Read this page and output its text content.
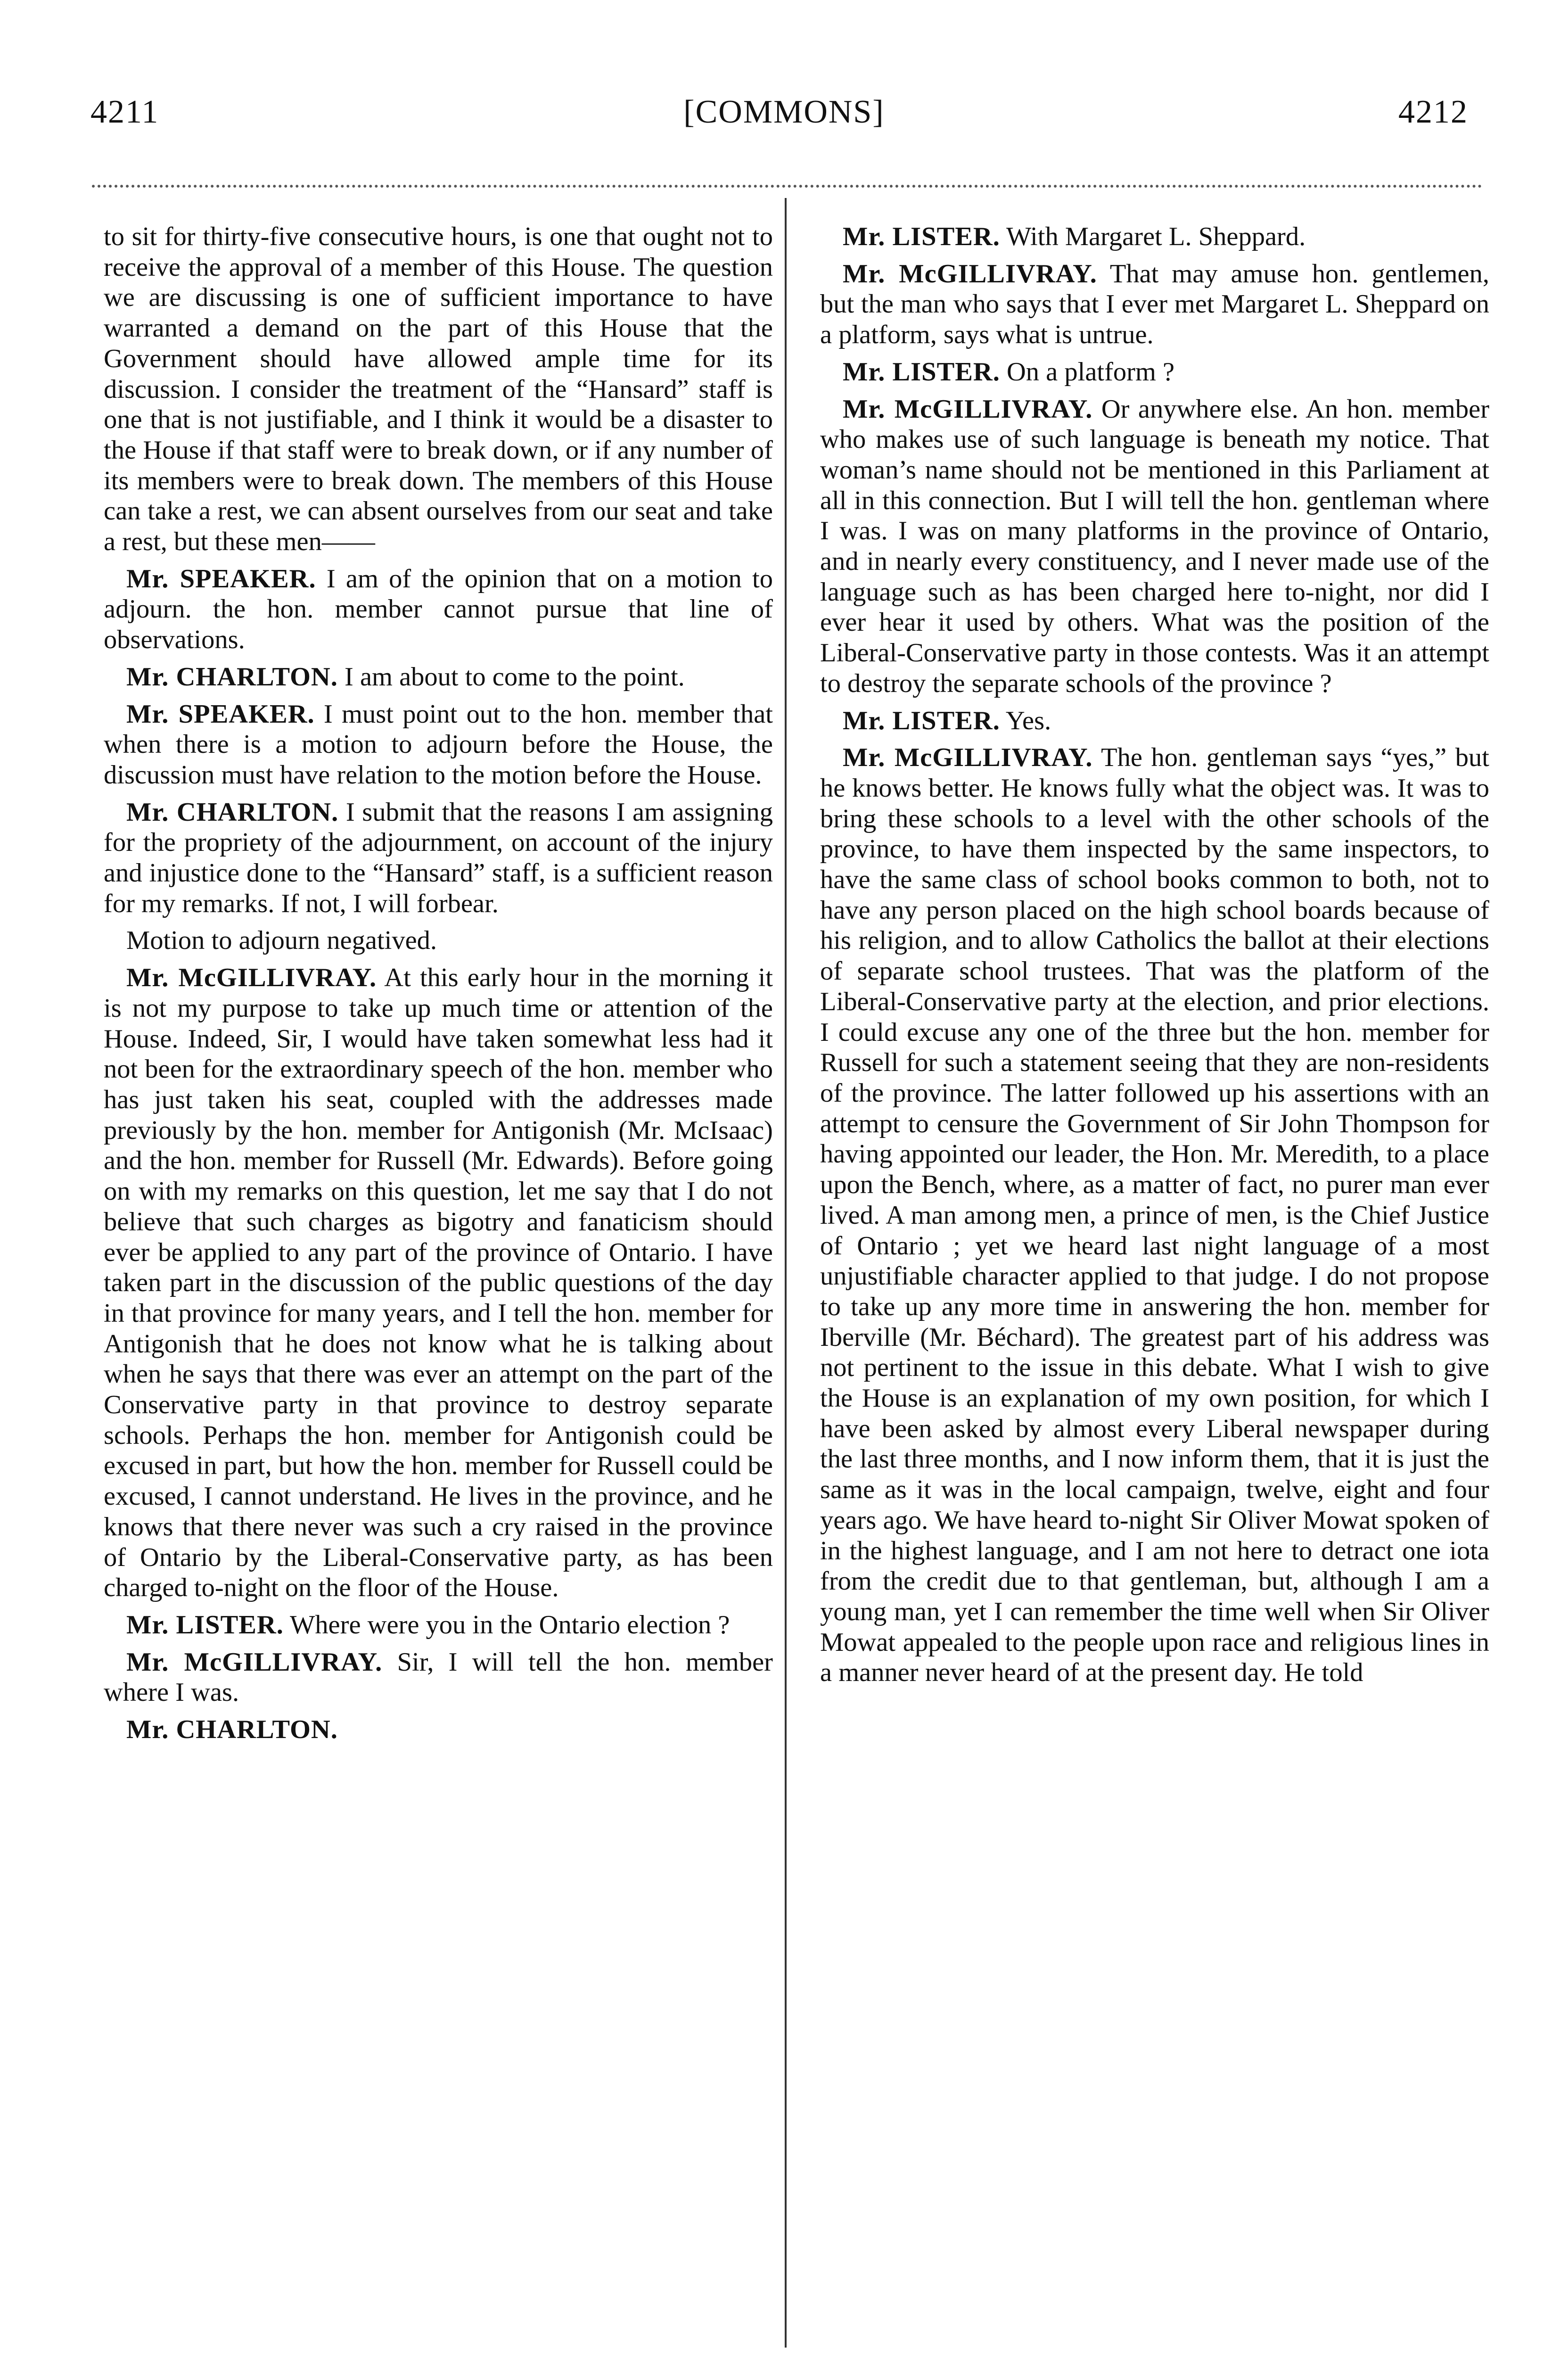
4211	[COMMONS]	4212

to sit for thirty-five consecutive hours, is one that ought not to receive the approval of a member of this House. The question we are discussing is one of sufficient importance to have warranted a demand on the part of this House that the Government should have allowed ample time for its discussion. I consider the treatment of the “Hansard” staff is one that is not justifiable, and I think it would be a disaster to the House if that staff were to break down, or if any number of its members were to break down. The members of this House can take a rest, we can absent ourselves from our seat and take a rest, but these men——

Mr. SPEAKER. I am of the opinion that on a motion to adjourn. the hon. member cannot pursue that line of observations.

Mr. CHARLTON. I am about to come to the point.

Mr. SPEAKER. I must point out to the hon. member that when there is a motion to adjourn before the House, the discussion must have relation to the motion before the House.

Mr. CHARLTON. I submit that the reasons I am assigning for the propriety of the adjournment, on account of the injury and injustice done to the “Hansard” staff, is a sufficient reason for my remarks. If not, I will forbear.

Motion to adjourn negatived.

Mr. McGILLIVRAY. At this early hour in the morning it is not my purpose to take up much time or attention of the House. Indeed, Sir, I would have taken somewhat less had it not been for the extraordinary speech of the hon. member who has just taken his seat, coupled with the addresses made previously by the hon. member for Antigonish (Mr. McIsaac) and the hon. member for Russell (Mr. Edwards). Before going on with my remarks on this question, let me say that I do not believe that such charges as bigotry and fanaticism should ever be applied to any part of the province of Ontario. I have taken part in the discussion of the public questions of the day in that province for many years, and I tell the hon. member for Antigonish that he does not know what he is talking about when he says that there was ever an attempt on the part of the Conservative party in that province to destroy separate schools. Perhaps the hon. member for Antigonish could be excused in part, but how the hon. member for Russell could be excused, I cannot understand. He lives in the province, and he knows that there never was such a cry raised in the province of Ontario by the Liberal-Conservative party, as has been charged to-night on the floor of the House.

Mr. LISTER. Where were you in the Ontario election ?

Mr. McGILLIVRAY. Sir, I will tell the hon. member where I was.

Mr. CHARLTON.

Mr. LISTER. With Margaret L. Sheppard.

Mr. McGILLIVRAY. That may amuse hon. gentlemen, but the man who says that I ever met Margaret L. Sheppard on a platform, says what is untrue.

Mr. LISTER. On a platform ?

Mr. McGILLIVRAY. Or anywhere else. An hon. member who makes use of such language is beneath my notice. That woman’s name should not be mentioned in this Parliament at all in this connection. But I will tell the hon. gentleman where I was. I was on many platforms in the province of Ontario, and in nearly every constituency, and I never made use of the language such as has been charged here to-night, nor did I ever hear it used by others. What was the position of the Liberal-Conservative party in those contests. Was it an attempt to destroy the separate schools of the province ?

Mr. LISTER. Yes.

Mr. McGILLIVRAY. The hon. gentleman says “yes,” but he knows better. He knows fully what the object was. It was to bring these schools to a level with the other schools of the province, to have them inspected by the same inspectors, to have the same class of school books common to both, not to have any person placed on the high school boards because of his religion, and to allow Catholics the ballot at their elections of separate school trustees. That was the platform of the Liberal-Conservative party at the election, and prior elections. I could excuse any one of the three but the hon. member for Russell for such a statement seeing that they are non-residents of the province. The latter followed up his assertions with an attempt to censure the Government of Sir John Thompson for having appointed our leader, the Hon. Mr. Meredith, to a place upon the Bench, where, as a matter of fact, no purer man ever lived. A man among men, a prince of men, is the Chief Justice of Ontario ; yet we heard last night language of a most unjustifiable character applied to that judge. I do not propose to take up any more time in answering the hon. member for Iberville (Mr. Béchard). The greatest part of his address was not pertinent to the issue in this debate. What I wish to give the House is an explanation of my own position, for which I have been asked by almost every Liberal newspaper during the last three months, and I now inform them, that it is just the same as it was in the local campaign, twelve, eight and four years ago. We have heard to-night Sir Oliver Mowat spoken of in the highest language, and I am not here to detract one iota from the credit due to that gentleman, but, although I am a young man, yet I can remember the time well when Sir Oliver Mowat appealed to the people upon race and religious lines in a manner never heard of at the present day. He told
